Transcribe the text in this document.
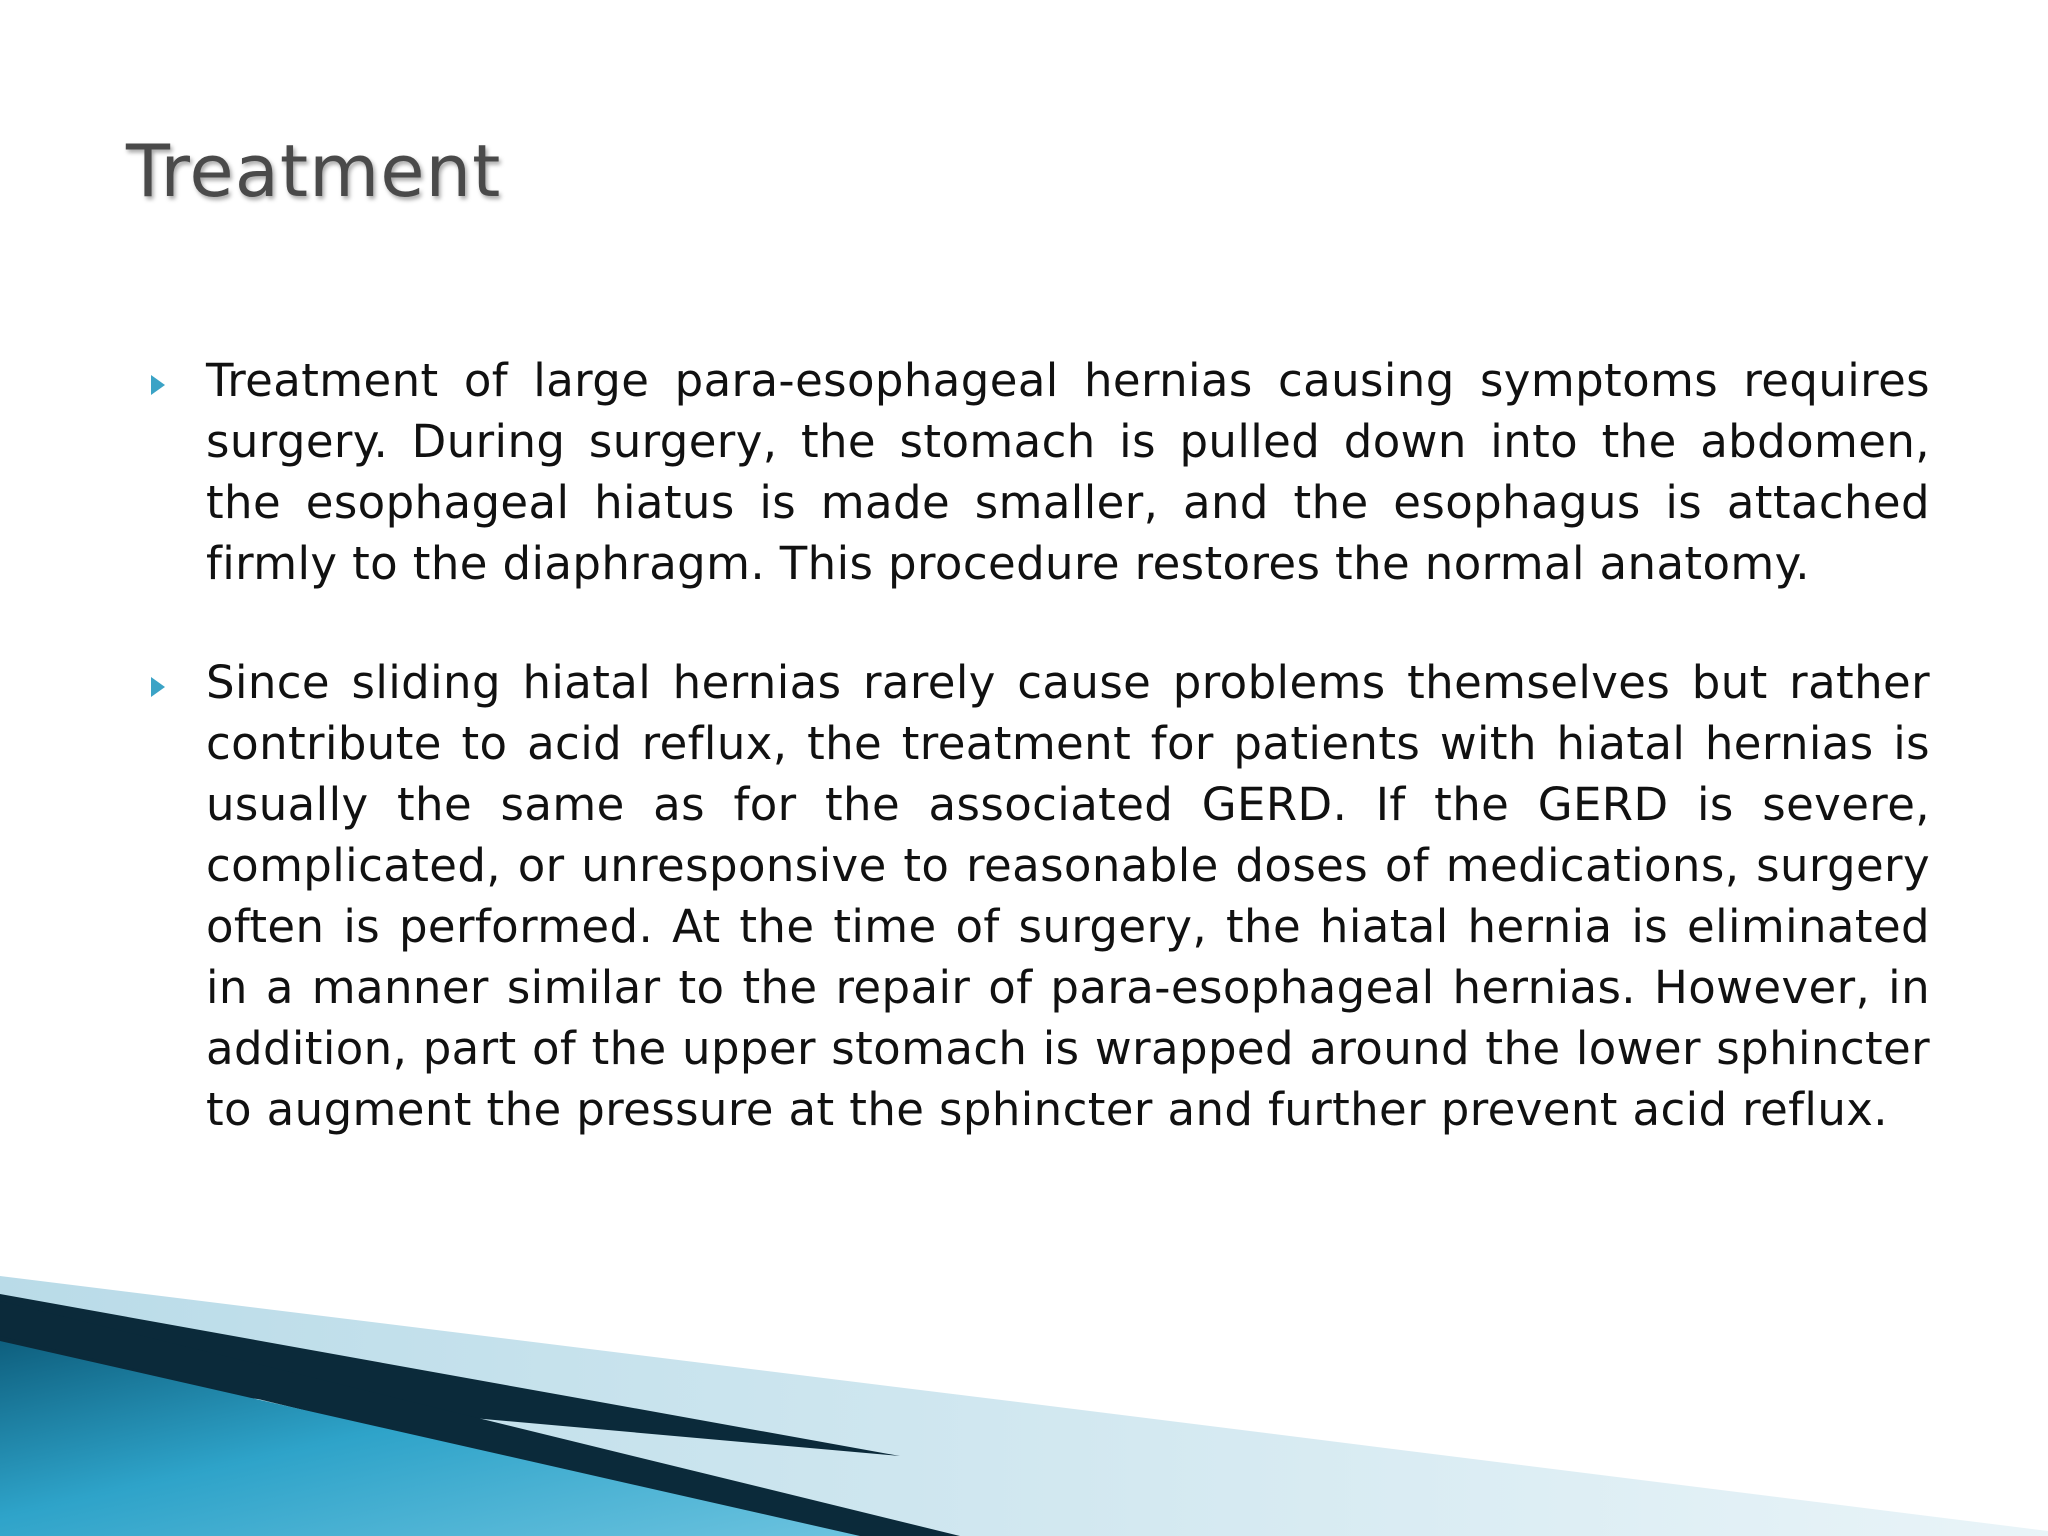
Treatment

Treatment of large para-esophageal hernias causing symptoms requires surgery. During surgery, the stomach is pulled down into the abdomen, the esophageal hiatus is made smaller, and the esophagus is attached firmly to the diaphragm. This procedure restores the normal anatomy.

Since sliding hiatal hernias rarely cause problems themselves but rather contribute to acid reflux, the treatment for patients with hiatal hernias is usually the same as for the associated GERD. If the GERD is severe, complicated, or unresponsive to reasonable doses of medications, surgery often is performed. At the time of surgery, the hiatal hernia is eliminated in a manner similar to the repair of para-esophageal hernias. However, in addition, part of the upper stomach is wrapped around the lower sphincter to augment the pressure at the sphincter and further prevent acid reflux.
